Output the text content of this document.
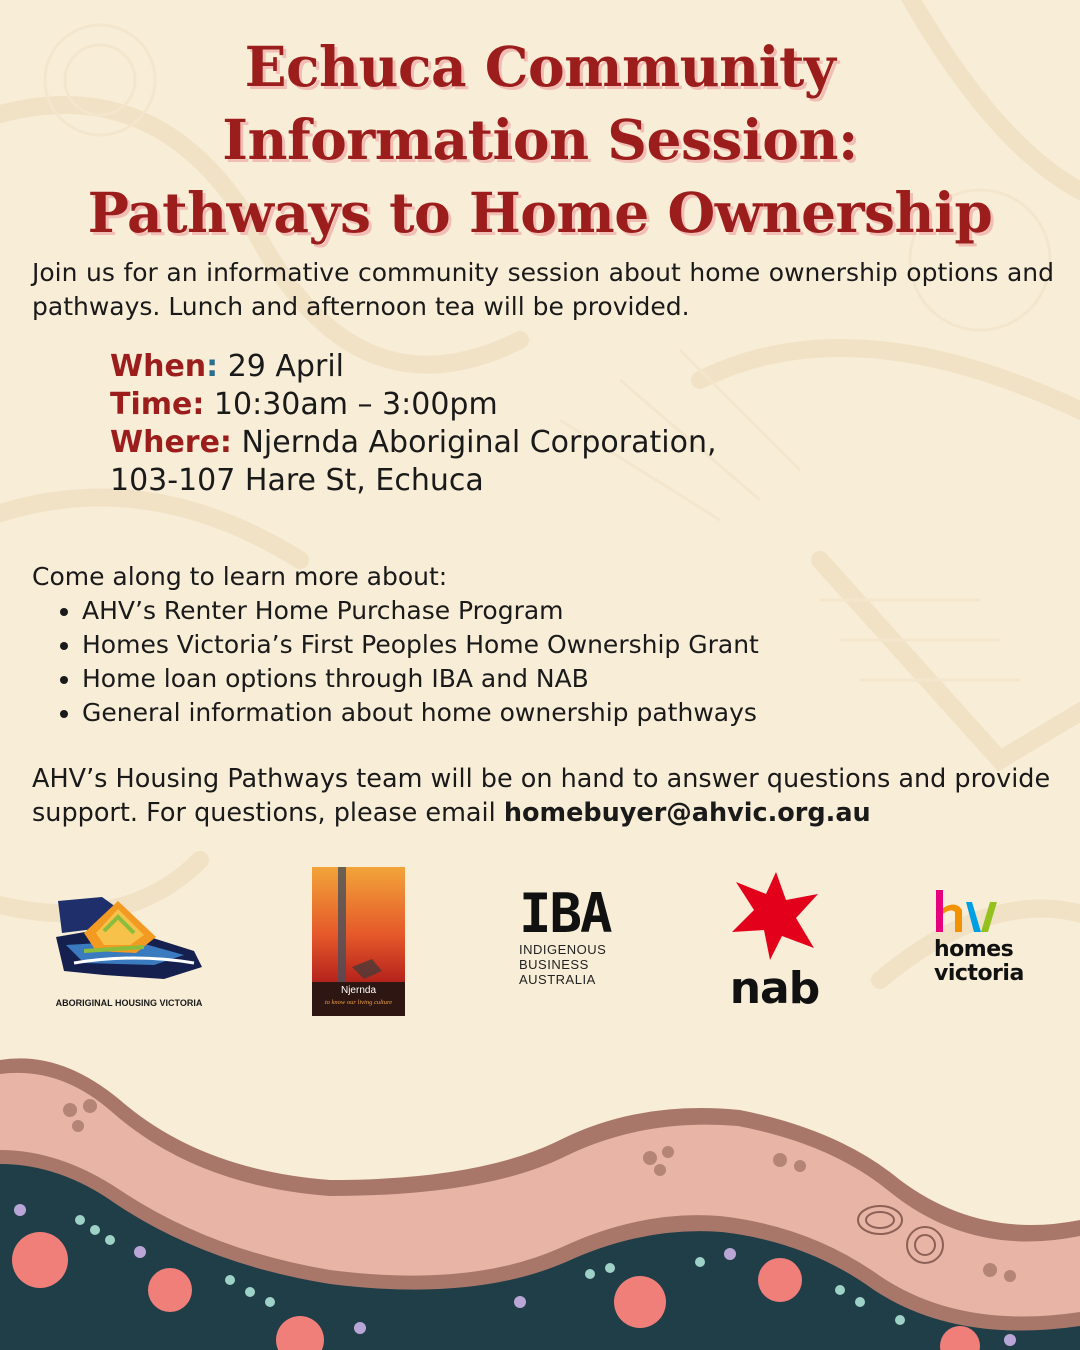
Echuca Community
Information Session:
Pathways to Home Ownership

Join us for an informative community session about home ownership options and pathways. Lunch and afternoon tea will be provided.

When: 29 April
Time: 10:30am – 3:00pm
Where: Njernda Aboriginal Corporation,
103-107 Hare St, Echuca
Come along to learn more about:
• AHV’s Renter Home Purchase Program
• Homes Victoria’s First Peoples Home Ownership Grant
• Home loan options through IBA and NAB
• General information about home ownership pathways

AHV’s Housing Pathways team will be on hand to answer questions and provide support. For questions, please email homebuyer@ahvic.org.au

ABORIGINAL HOUSING VICTORIA
Njernda
to know our living culture
IBA
INDIGENOUS
BUSINESS
AUSTRALIA	nab
homes
victoria
